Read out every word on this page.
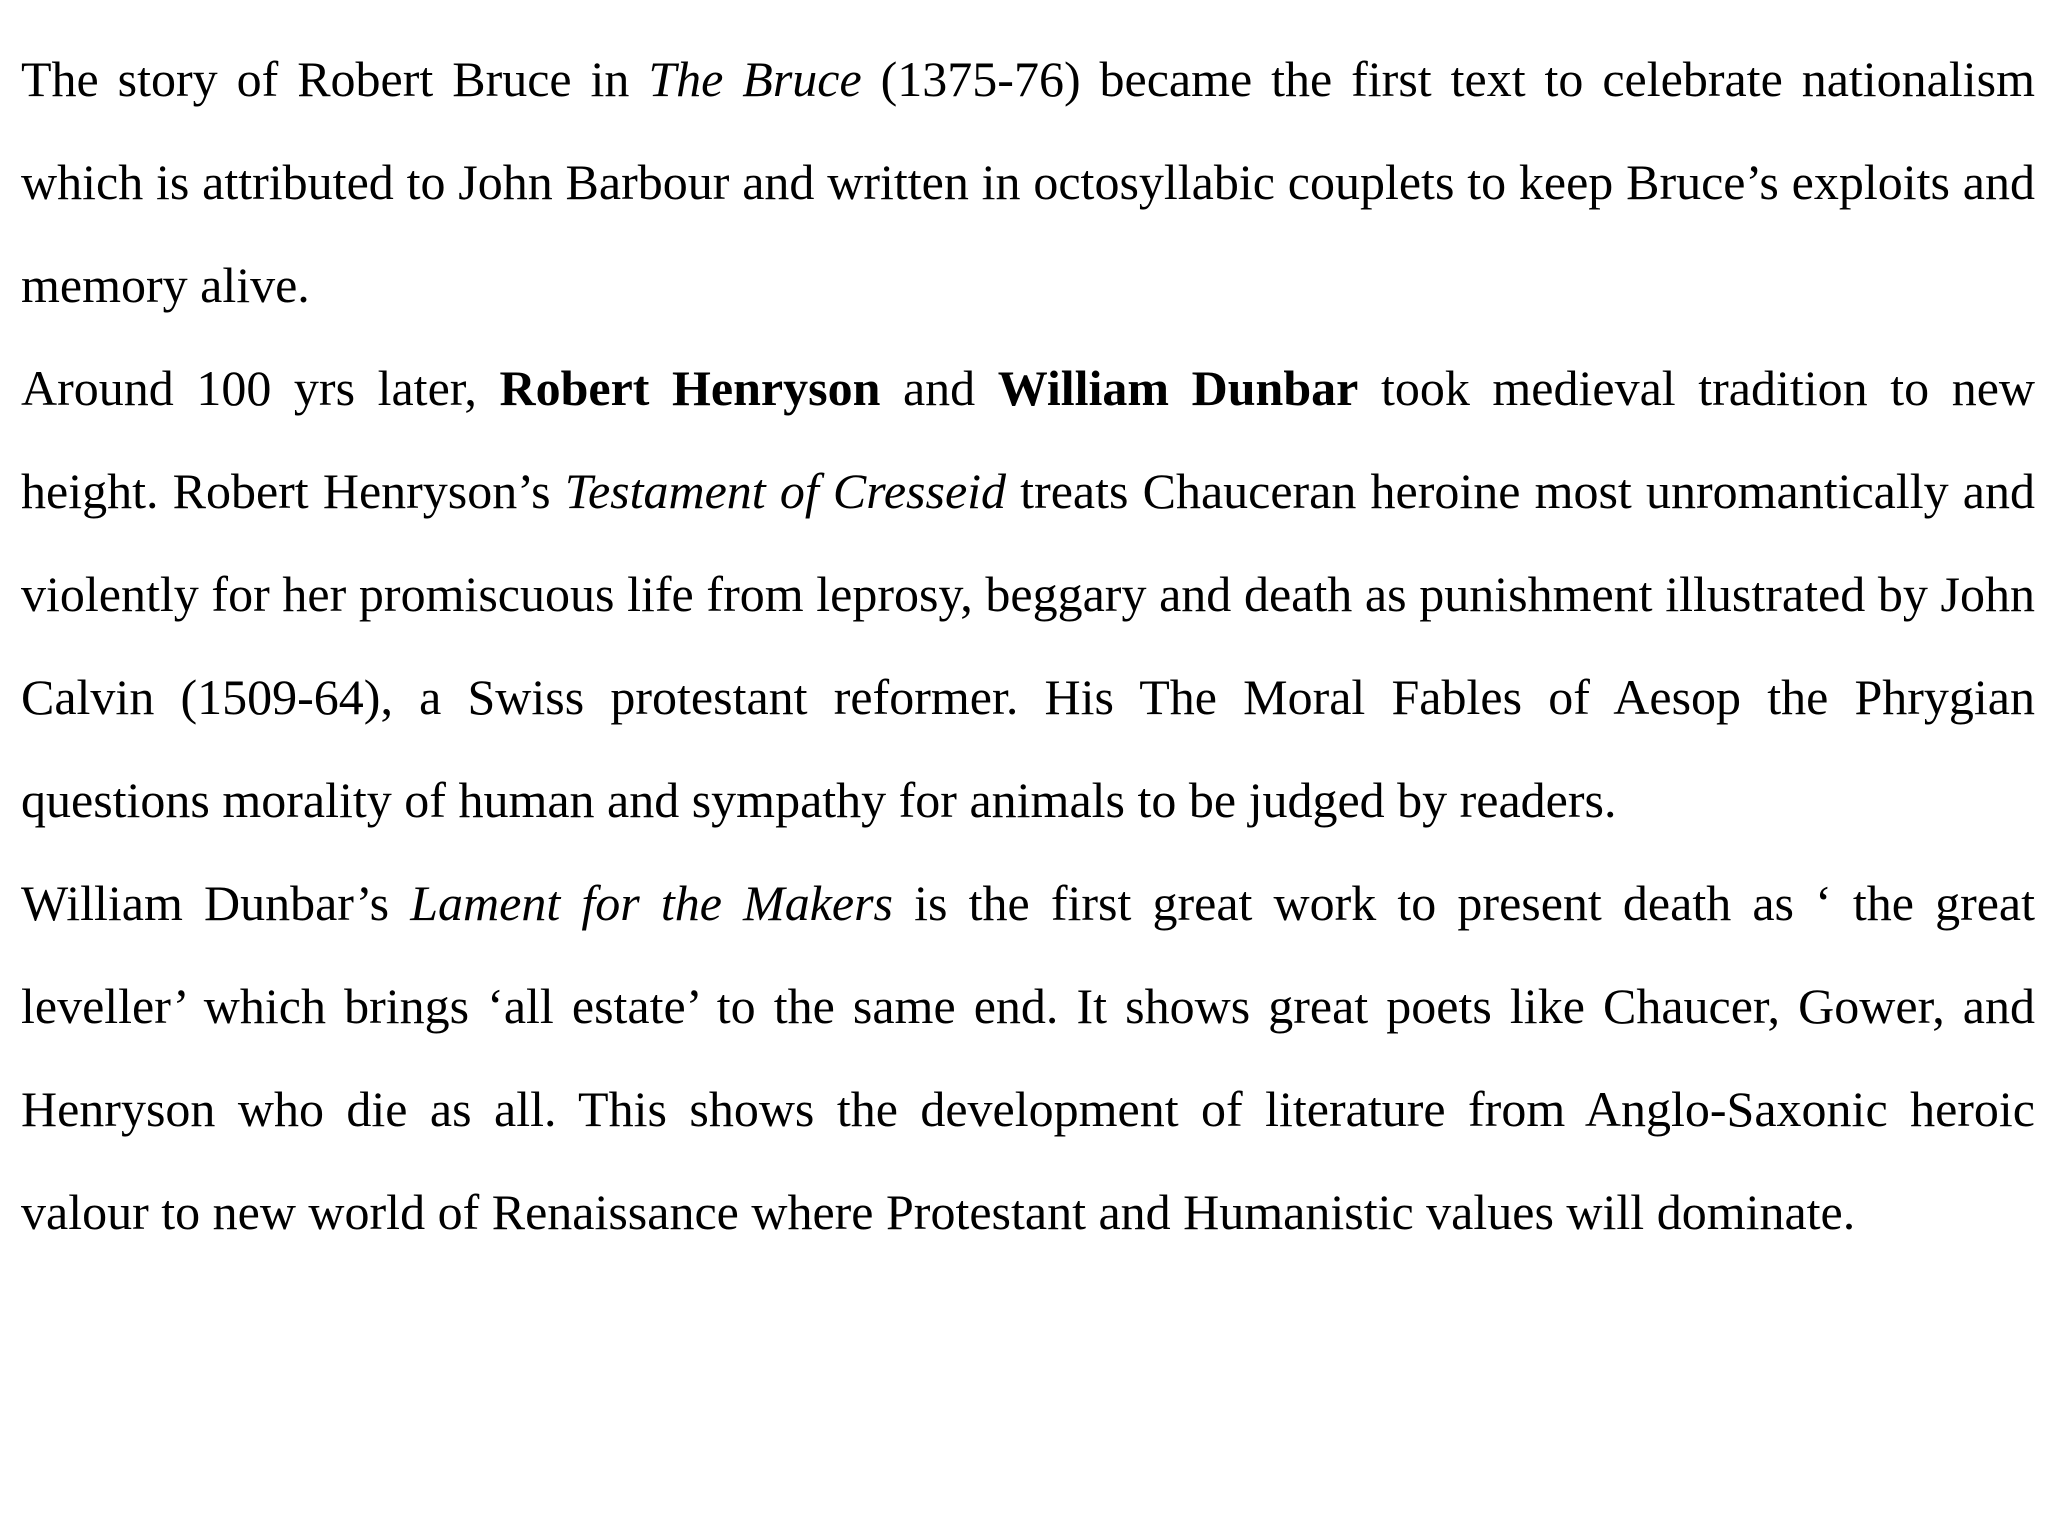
The story of Robert Bruce in The Bruce (1375-76) became the first text to celebrate nationalism which is attributed to John Barbour and written in octosyllabic couplets to keep Bruce’s exploits and memory alive.

Around 100 yrs later, Robert Henryson and William Dunbar took medieval tradition to new height. Robert Henryson’s Testament of Cresseid treats Chauceran heroine most unromantically and violently for her promiscuous life from leprosy, beggary and death as punishment illustrated by John Calvin (1509-64), a Swiss protestant reformer. His The Moral Fables of Aesop the Phrygian questions morality of human and sympathy for animals to be judged by readers.

William Dunbar’s Lament for the Makers is the first great work to present death as ‘ the great leveller’ which brings ‘all estate’ to the same end. It shows great poets like Chaucer, Gower, and Henryson who die as all. This shows the development of literature from Anglo-Saxonic heroic valour to new world of Renaissance where Protestant and Humanistic values will dominate.
